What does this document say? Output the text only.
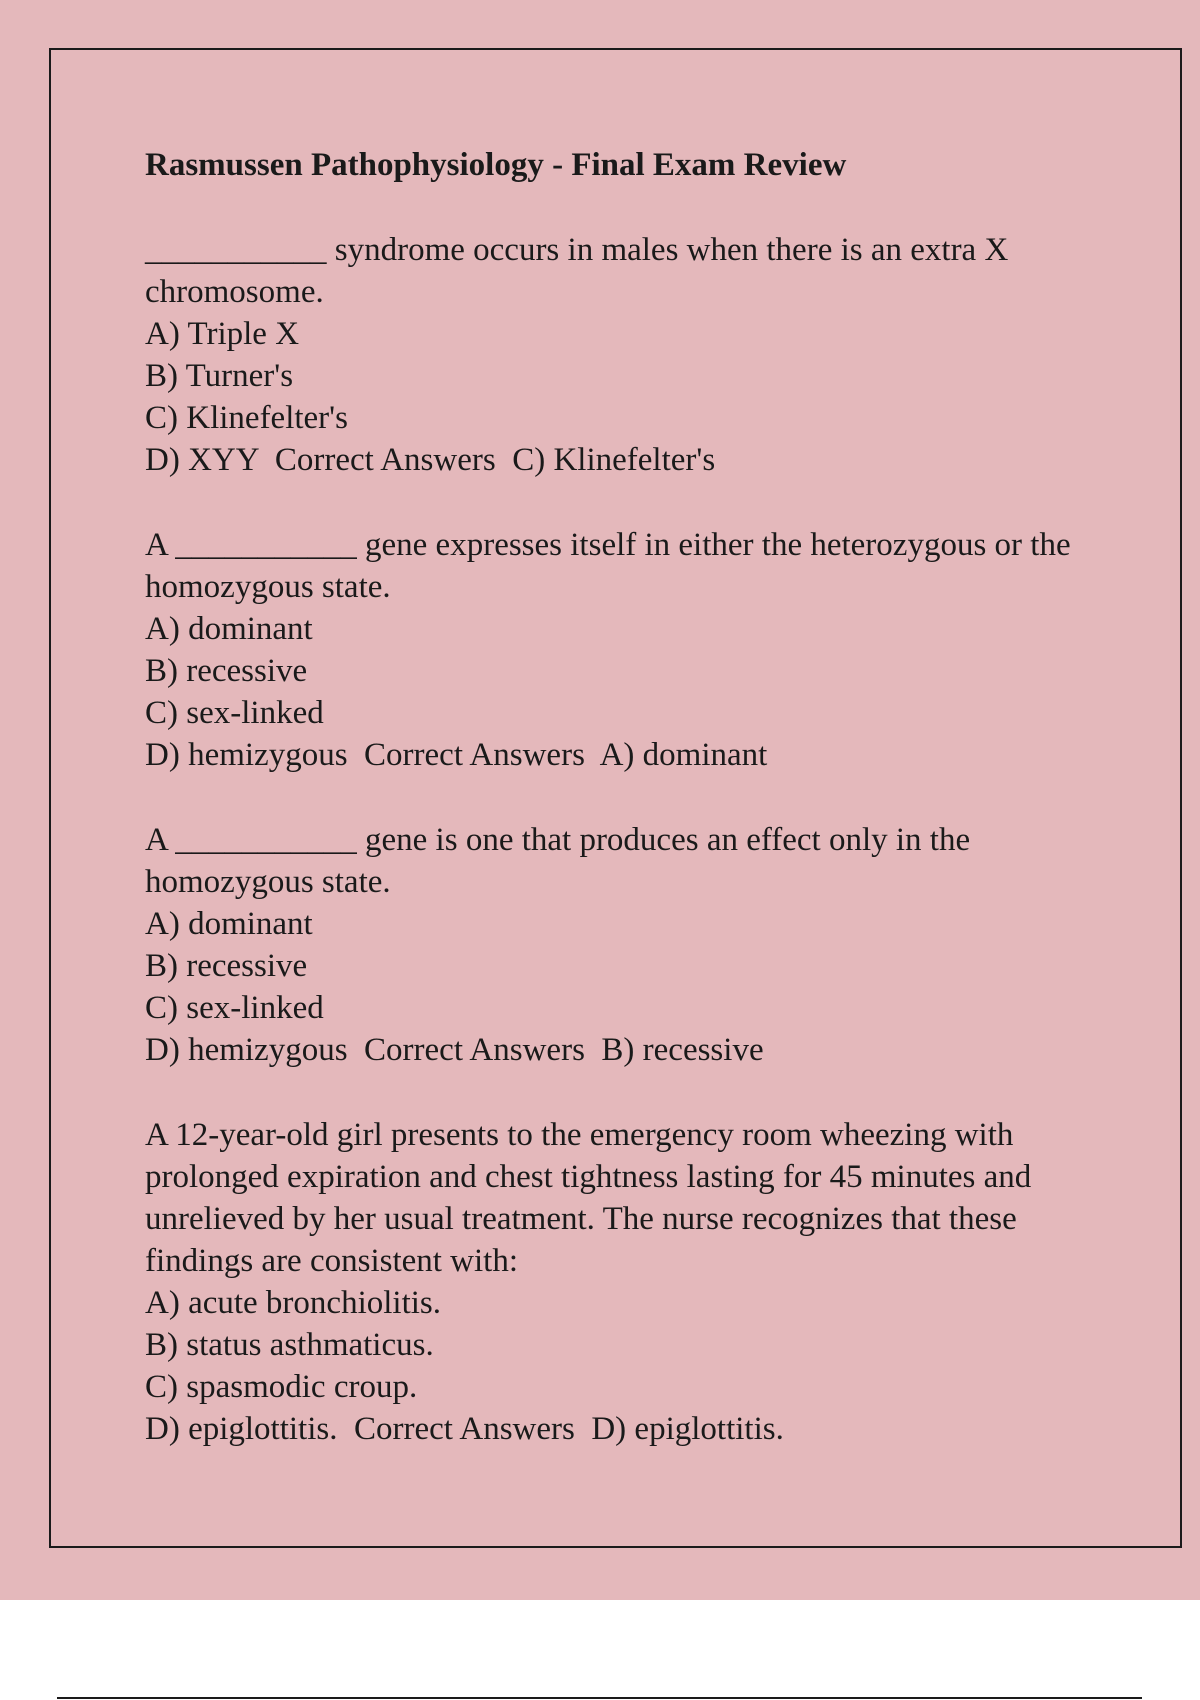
Rasmussen Pathophysiology - Final Exam Review
___________ syndrome occurs in males when there is an extra X chromosome.
A) Triple X
B) Turner's
C) Klinefelter's
D) XYY  Correct Answers  C) Klinefelter's
A ___________ gene expresses itself in either the heterozygous or the homozygous state.
A) dominant
B) recessive
C) sex-linked
D) hemizygous  Correct Answers  A) dominant
A ___________ gene is one that produces an effect only in the homozygous state.
A) dominant
B) recessive
C) sex-linked
D) hemizygous  Correct Answers  B) recessive
A 12-year-old girl presents to the emergency room wheezing with prolonged expiration and chest tightness lasting for 45 minutes and unrelieved by her usual treatment. The nurse recognizes that these findings are consistent with:
A) acute bronchiolitis.
B) status asthmaticus.
C) spasmodic croup.
D) epiglottitis.  Correct Answers  D) epiglottitis.
